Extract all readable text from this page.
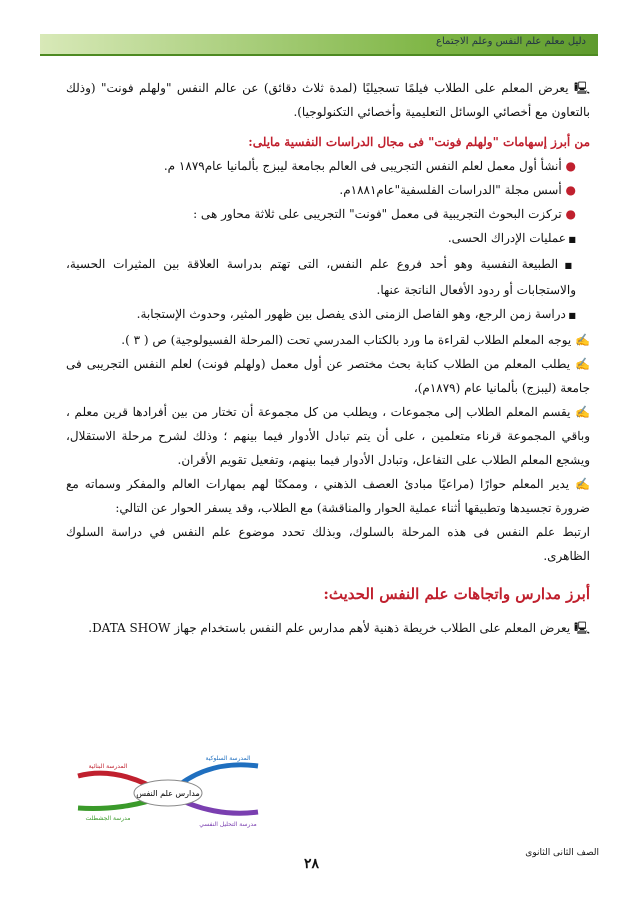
دليل معلم علم النفس وعلم الاجتماع

🖳 يعرض المعلم على الطلاب فيلمًا تسجيليًا (لمدة ثلاث دقائق) عن عالم النفس "ولهلم فونت" (وذلك بالتعاون مع أخصائي الوسائل التعليمية وأخصائي التكنولوجيا).

من أبرز إسهامات "ولهلم فونت" فى مجال الدراسات النفسية مايلى:

● أنشأ أول معمل لعلم النفس التجريبى فى العالم بجامعة ليبزج بألمانيا عام١٨٧٩ م.

● أسس مجلة "الدراسات الفلسفية"عام١٨٨١م.

● تركزت البحوث التجريبية فى معمل "فونت" التجريبى على ثلاثة محاور هى :

■ عمليات الإدراك الحسى.

■ الطبيعة النفسية وهو أحد فروع علم النفس، التى تهتم بدراسة العلاقة بين المثيرات الحسية، والاستجابات أو ردود الأفعال الناتجة عنها.

■ دراسة زمن الرجع، وهو الفاصل الزمنى الذى يفصل بين ظهور المثير، وحدوث الإستجابة.

✍ يوجه المعلم الطلاب لقراءة ما ورد بالكتاب المدرسي تحت (المرحلة الفسيولوجية) ص ( ٣ ).

✍ يطلب المعلم من الطلاب كتابة بحث مختصر عن أول معمل (ولهلم فونت) لعلم النفس التجريبى فى جامعة (ليبزج) بألمانيا عام (١٨٧٩م)،

✍ يقسم المعلم الطلاب إلى مجموعات ، ويطلب من كل مجموعة أن تختار من بين أفرادها قرين معلم ، وباقي المجموعة قرناء متعلمين ، على أن يتم تبادل الأدوار فيما بينهم ؛ وذلك لشرح مرحلة الاستقلال، ويشجع المعلم الطلاب على التفاعل، وتبادل الأدوار فيما بينهم، وتفعيل تقويم الأقران.

✍ يدير المعلم حوارًا (مراعيًا مبادئ العصف الذهني ، وممكنًا لهم بمهارات العالم والمفكر وسماته مع ضرورة تجسيدها وتطبيقها أثناء عملية الحوار والمناقشة) مع الطلاب، وقد يسفر الحوار عن التالي:

ارتبط علم النفس فى هذه المرحلة بالسلوك، وبذلك تحدد موضوع علم النفس في دراسة السلوك الظاهرى.

أبرز مدارس واتجاهات علم النفس الحديث:

🖳 يعرض المعلم على الطلاب خريطة ذهنية لأهم مدارس علم النفس باستخدام جهاز DATA SHOW.

مدارس علم النفس
المدرسة البنائية
المدرسة السلوكية
مدرسة الجشطلت
مدرسة التحليل النفسي
الصف الثانى الثانوى
٢٨
